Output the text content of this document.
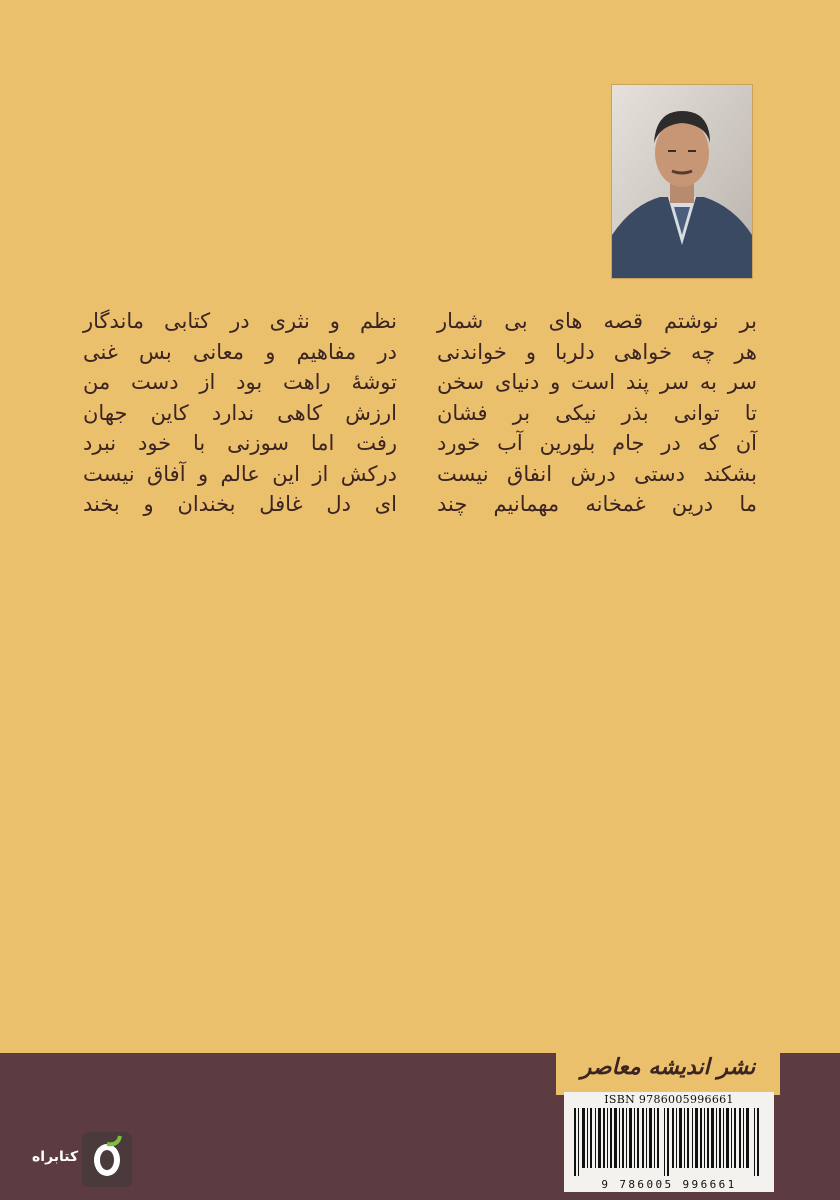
بر نوشتم قصه های بی شمار
هر چه خواهی دلربا و خواندنی
سر به سر پند است و دنیای سخن
تا توانی بذر نیکی بر فشان
آن که در جام بلورین آب خورد
بشکند دستی درش انفاق نیست
ما درین غمخانه مهمانیم چند
نظم و نثری در کتابی ماندگار
در مفاهیم و معانی بس غنی
توشهٔ راهت بود از دست من
ارزش کاهی ندارد کاین جهان
رفت اما سوزنی با خود نبرد
درکش از این عالم و آفاق نیست
ای دل غافل بخندان و بخند
نشر اندیشه معاصر
ISBN 9786005996661
9 786005 996661
کتابراه
